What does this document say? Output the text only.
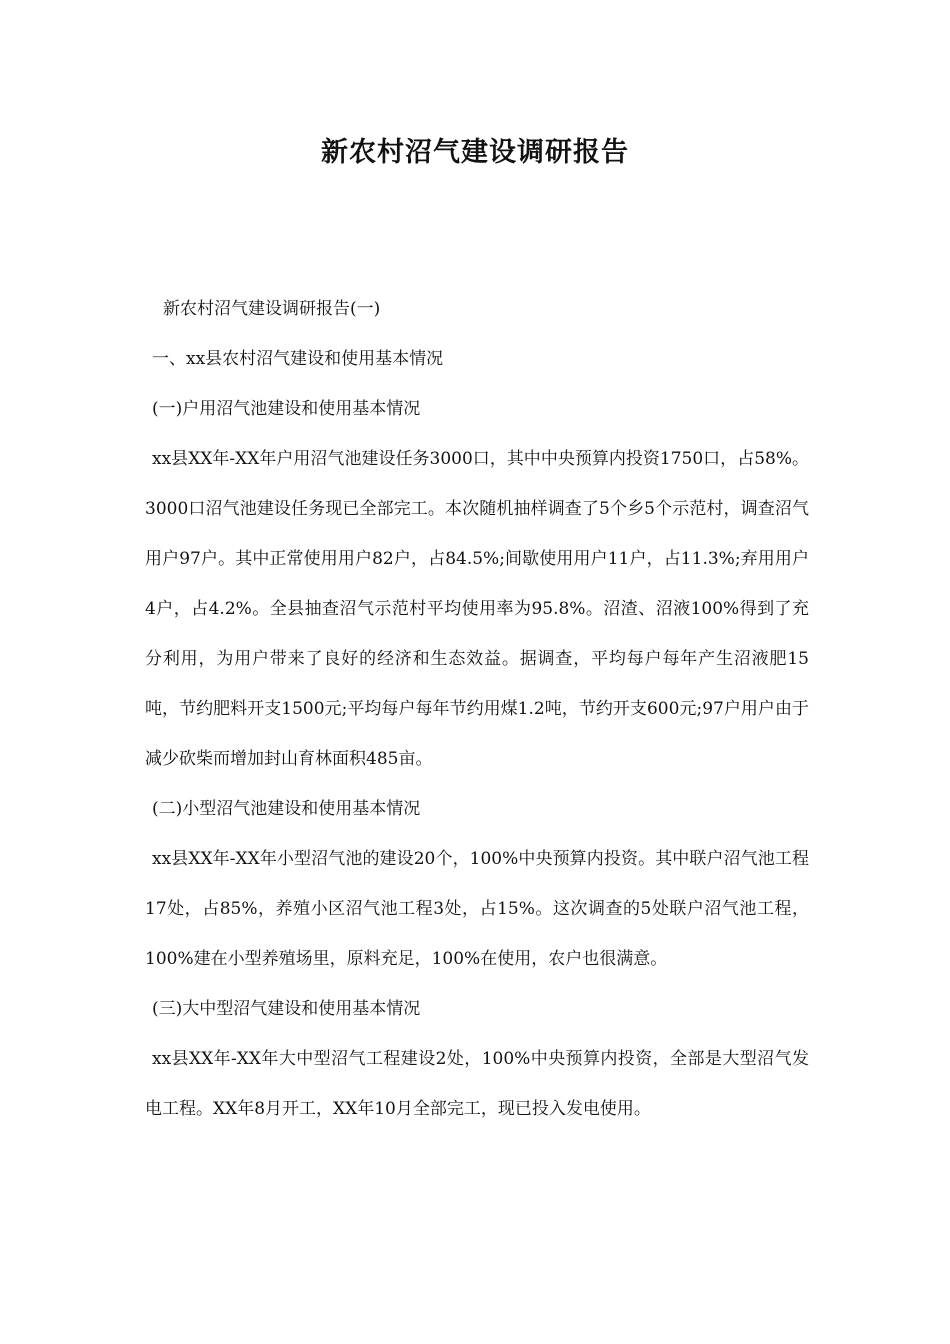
新农村沼气建设调研报告

新农村沼气建设调研报告(一)

一、xx县农村沼气建设和使用基本情况

(一)户用沼气池建设和使用基本情况

xx县XX年-XX年户用沼气池建设任务3000口，其中中央预算内投资1750口，占58%。3000口沼气池建设任务现已全部完工。本次随机抽样调查了5个乡5个示范村，调查沼气用户97户。其中正常使用用户82户，占84.5%;间歇使用用户11户，占11.3%;弃用用户4户，占4.2%。全县抽查沼气示范村平均使用率为95.8%。沼渣、沼液100%得到了充分利用，为用户带来了良好的经济和生态效益。据调查，平均每户每年产生沼液肥15吨，节约肥料开支1500元;平均每户每年节约用煤1.2吨，节约开支600元;97户用户由于减少砍柴而增加封山育林面积485亩。

(二)小型沼气池建设和使用基本情况

xx县XX年-XX年小型沼气池的建设20个，100%中央预算内投资。其中联户沼气池工程17处，占85%，养殖小区沼气池工程3处，占15%。这次调查的5处联户沼气池工程，100%建在小型养殖场里，原料充足，100%在使用，农户也很满意。

(三)大中型沼气建设和使用基本情况

xx县XX年-XX年大中型沼气工程建设2处，100%中央预算内投资，全部是大型沼气发电工程。XX年8月开工，XX年10月全部完工，现已投入发电使用。
